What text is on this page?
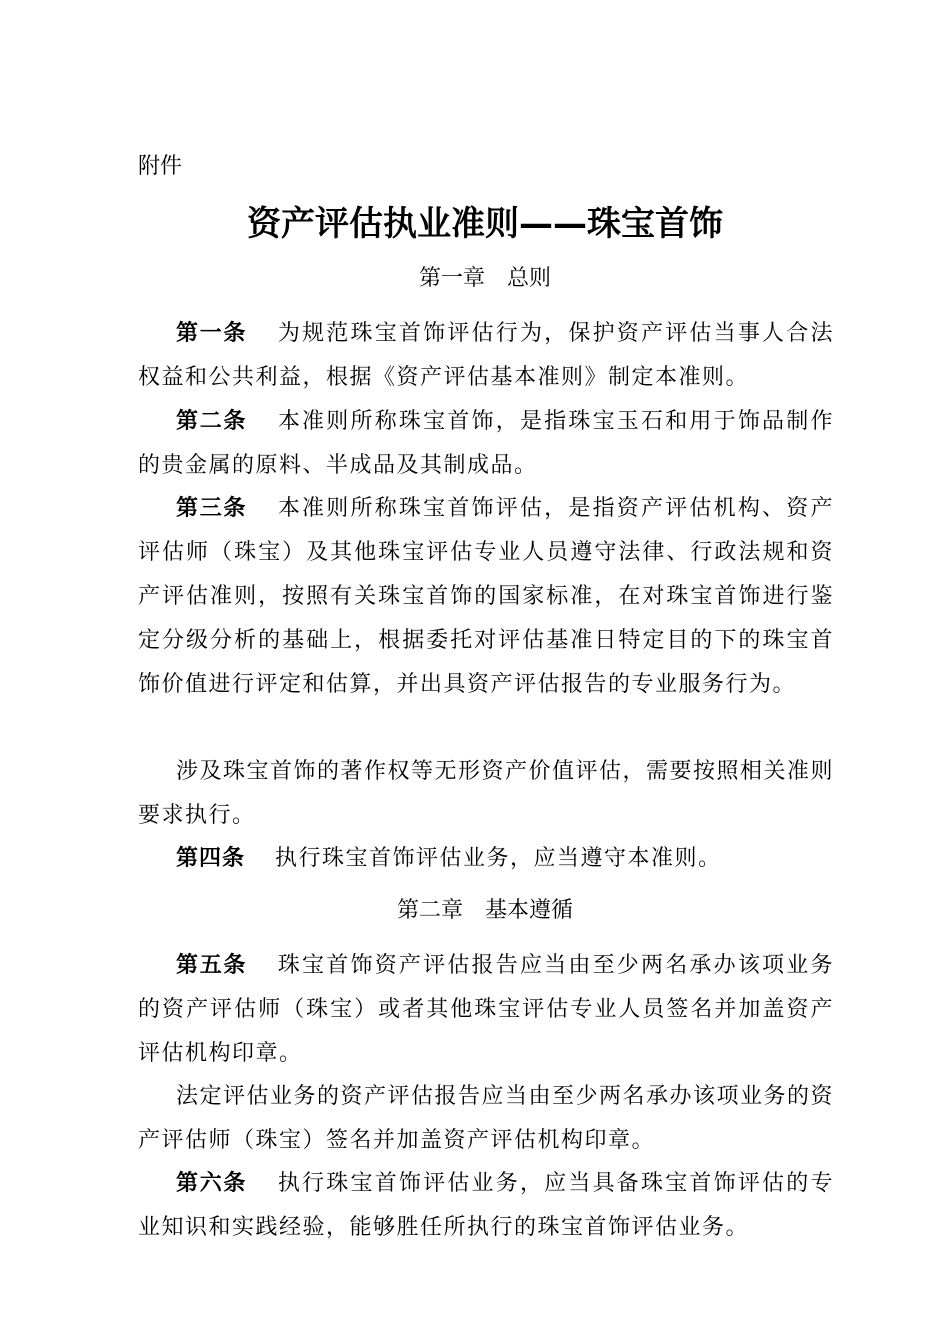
附件
资产评估执业准则——珠宝首饰
第一章 总则

第一条 为规范珠宝首饰评估行为，保护资产评估当事人合法权益和公共利益，根据《资产评估基本准则》制定本准则。

第二条 本准则所称珠宝首饰，是指珠宝玉石和用于饰品制作的贵金属的原料、半成品及其制成品。

第三条 本准则所称珠宝首饰评估，是指资产评估机构、资产评估师（珠宝）及其他珠宝评估专业人员遵守法律、行政法规和资产评估准则，按照有关珠宝首饰的国家标准，在对珠宝首饰进行鉴定分级分析的基础上，根据委托对评估基准日特定目的下的珠宝首饰价值进行评定和估算，并出具资产评估报告的专业服务行为。

涉及珠宝首饰的著作权等无形资产价值评估，需要按照相关准则要求执行。

第四条 执行珠宝首饰评估业务，应当遵守本准则。

第二章 基本遵循

第五条 珠宝首饰资产评估报告应当由至少两名承办该项业务的资产评估师（珠宝）或者其他珠宝评估专业人员签名并加盖资产评估机构印章。

法定评估业务的资产评估报告应当由至少两名承办该项业务的资产评估师（珠宝）签名并加盖资产评估机构印章。

第六条 执行珠宝首饰评估业务，应当具备珠宝首饰评估的专业知识和实践经验，能够胜任所执行的珠宝首饰评估业务。
